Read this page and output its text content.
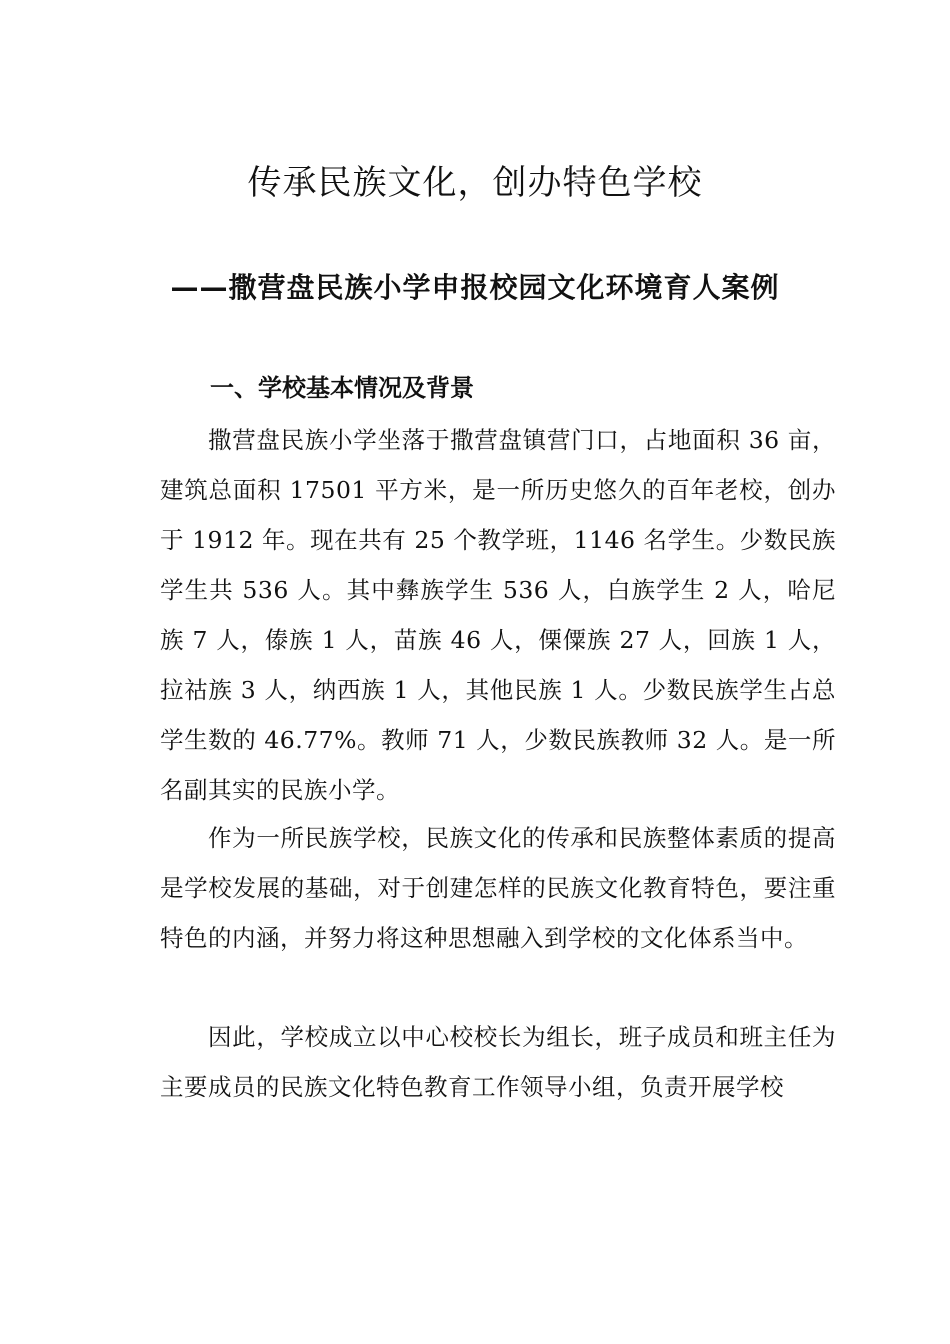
传承民族文化，创办特色学校
——撒营盘民族小学申报校园文化环境育人案例
一、学校基本情况及背景

撒营盘民族小学坐落于撒营盘镇营门口，占地面积 36 亩，建筑总面积 17501 平方米，是一所历史悠久的百年老校，创办于 1912 年。现在共有 25 个教学班，1146 名学生。少数民族学生共 536 人。其中彝族学生 536 人，白族学生 2 人，哈尼族 7 人，傣族 1 人，苗族 46 人，傈僳族 27 人，回族 1 人，拉祜族 3 人，纳西族 1 人，其他民族 1 人。少数民族学生占总学生数的 46.77%。教师 71 人，少数民族教师 32 人。是一所名副其实的民族小学。

作为一所民族学校，民族文化的传承和民族整体素质的提高是学校发展的基础，对于创建怎样的民族文化教育特色，要注重特色的内涵，并努力将这种思想融入到学校的文化体系当中。

因此，学校成立以中心校校长为组长，班子成员和班主任为主要成员的民族文化特色教育工作领导小组，负责开展学校
